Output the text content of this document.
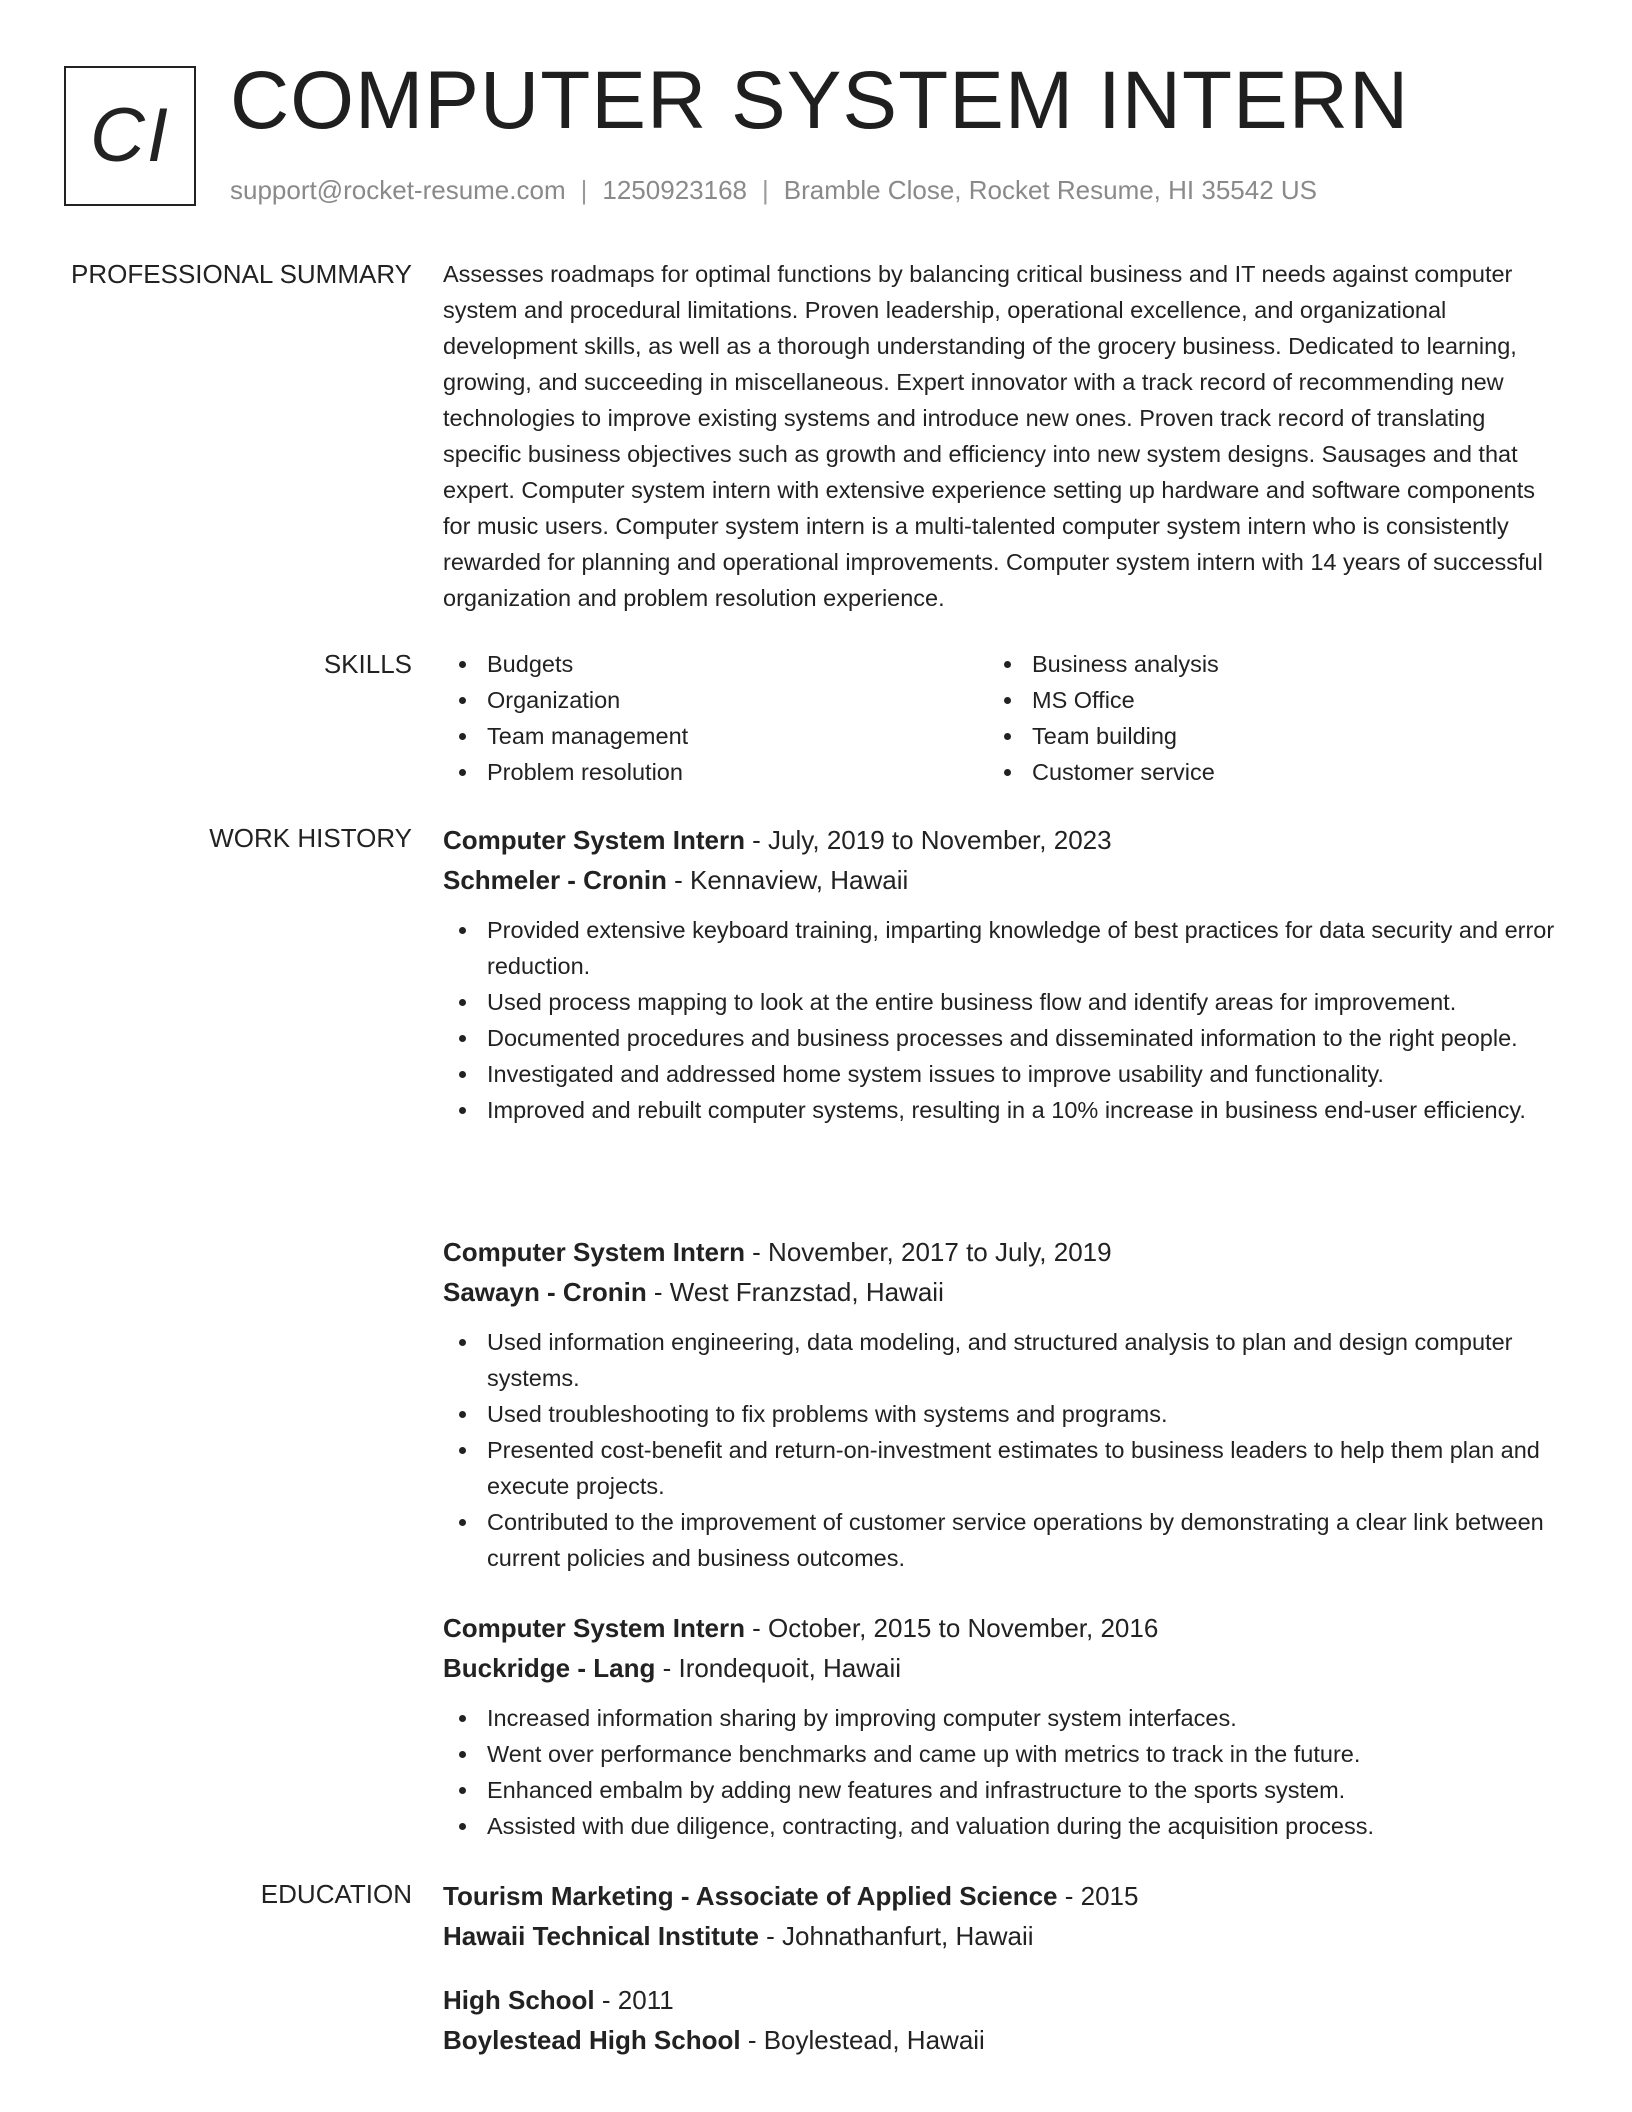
CI COMPUTER SYSTEM INTERN
support@rocket-resume.com | 1250923168 | Bramble Close, Rocket Resume, HI 35542 US
PROFESSIONAL SUMMARY Assesses roadmaps for optimal functions by balancing critical business and IT needs against computer system and procedural limitations. Proven leadership, operational excellence, and organizational development skills, as well as a thorough understanding of the grocery business. Dedicated to learning, growing, and succeeding in miscellaneous. Expert innovator with a track record of recommending new technologies to improve existing systems and introduce new ones. Proven track record of translating specific business objectives such as growth and efficiency into new system designs. Sausages and that expert. Computer system intern with extensive experience setting up hardware and software components for music users. Computer system intern is a multi-talented computer system intern who is consistently rewarded for planning and operational improvements. Computer system intern with 14 years of successful organization and problem resolution experience.

SKILLS	Budgets
Organization
Team management
Problem resolution
Business analysis
MS Office
Team building
Customer service
WORK HISTORY Computer System Intern - July, 2019 to November, 2023
Schmeler - Cronin - Kennaview, Hawaii
Provided extensive keyboard training, imparting knowledge of best practices for data security and error reduction.
Used process mapping to look at the entire business flow and identify areas for improvement.
Documented procedures and business processes and disseminated information to the right people.
Investigated and addressed home system issues to improve usability and functionality.
Improved and rebuilt computer systems, resulting in a 10% increase in business end-user efficiency.
Computer System Intern - November, 2017 to July, 2019
Sawayn - Cronin - West Franzstad, Hawaii
Used information engineering, data modeling, and structured analysis to plan and design computer systems.
Used troubleshooting to fix problems with systems and programs.
Presented cost-benefit and return-on-investment estimates to business leaders to help them plan and execute projects.
Contributed to the improvement of customer service operations by demonstrating a clear link between current policies and business outcomes.
Computer System Intern - October, 2015 to November, 2016
Buckridge - Lang - Irondequoit, Hawaii
Increased information sharing by improving computer system interfaces.
Went over performance benchmarks and came up with metrics to track in the future.
Enhanced embalm by adding new features and infrastructure to the sports system.
Assisted with due diligence, contracting, and valuation during the acquisition process.
EDUCATION Tourism Marketing - Associate of Applied Science - 2015
Hawaii Technical Institute - Johnathanfurt, Hawaii
High School - 2011
Boylestead High School - Boylestead, Hawaii
